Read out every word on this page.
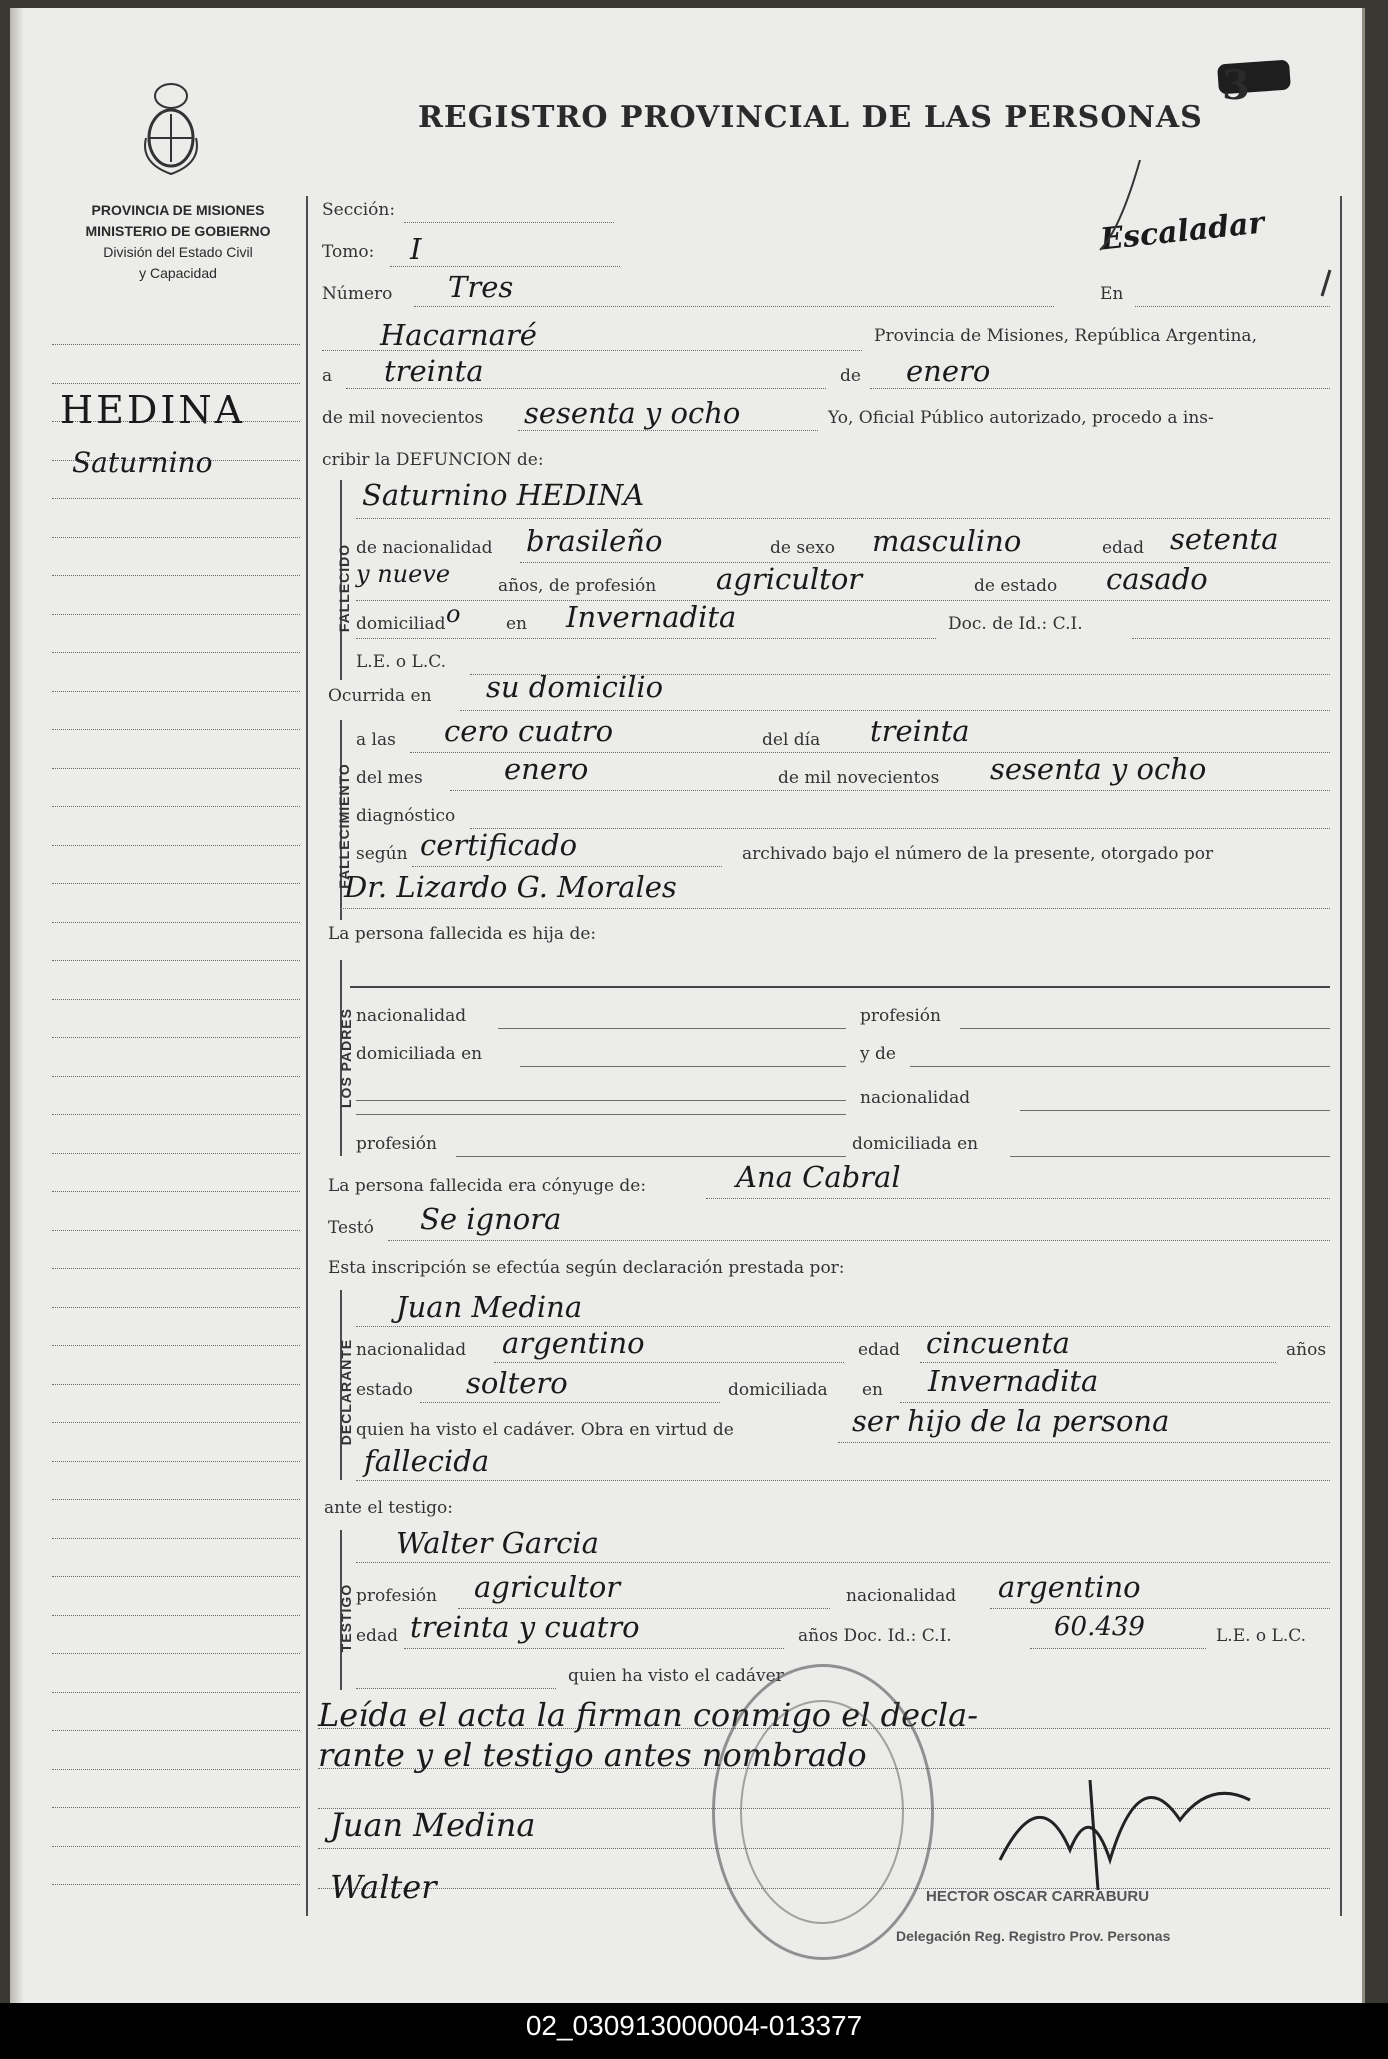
REGISTRO PROVINCIAL DE LAS PERSONAS
3
PROVINCIA DE MISIONES
MINISTERIO DE GOBIERNO
División del Estado Civil
y Capacidad
Escaladar
HEDINA
Saturnino
Sección:
Tomo: I
Número Tres	En
Hacarnaré	Provincia de Misiones, República Argentina,
a treinta	de enero
de mil novecientos sesenta y ocho	Yo, Oficial Público autorizado, procedo a ins-
cribir la DEFUNCION de:
FALLECIDO
Saturnino HEDINA
de nacionalidad brasileño	de sexo masculino	edad setenta
y nueve	años, de profesión agricultor	de estado casado
domiciliad o	en Invernadita	Doc. de Id.: C.I.
L.E. o L.C.
Ocurrida en su domicilio
FALLECIMIENTO
a las cero cuatro	del día treinta
del mes	enero	de mil novecientos sesenta y ocho
diagnóstico
según certificado	archivado bajo el número de la presente, otorgado por
Dr. Lizardo G. Morales
La persona fallecida es hija de:
LOS PADRES nacionalidad	profesión
domiciliada en	y de
nacionalidad
profesión	domiciliada en
La persona fallecida era cónyuge de:	Ana Cabral
Testó Se ignora
Esta inscripción se efectúa según declaración prestada por:
DECLARANTE
Juan Medina
nacionalidad argentino	edad cincuenta	años
estado soltero	domiciliada en Invernadita
quien ha visto el cadáver. Obra en virtud de	ser hijo de la persona
fallecida
ante el testigo:
TESTIGO
Walter Garcia
profesión agricultor	nacionalidad argentino
edad treinta y cuatro	años Doc. Id.: C.I.	60.439	L.E. o L.C.
quien ha visto el cadáver
Leída el acta la firman conmigo el decla-
rante y el testigo antes nombrado
Juan Medina
Walter	HECTOR OSCAR CARRABURU
Delegación Reg. Registro Prov. Personas
02_030913000004-013377
